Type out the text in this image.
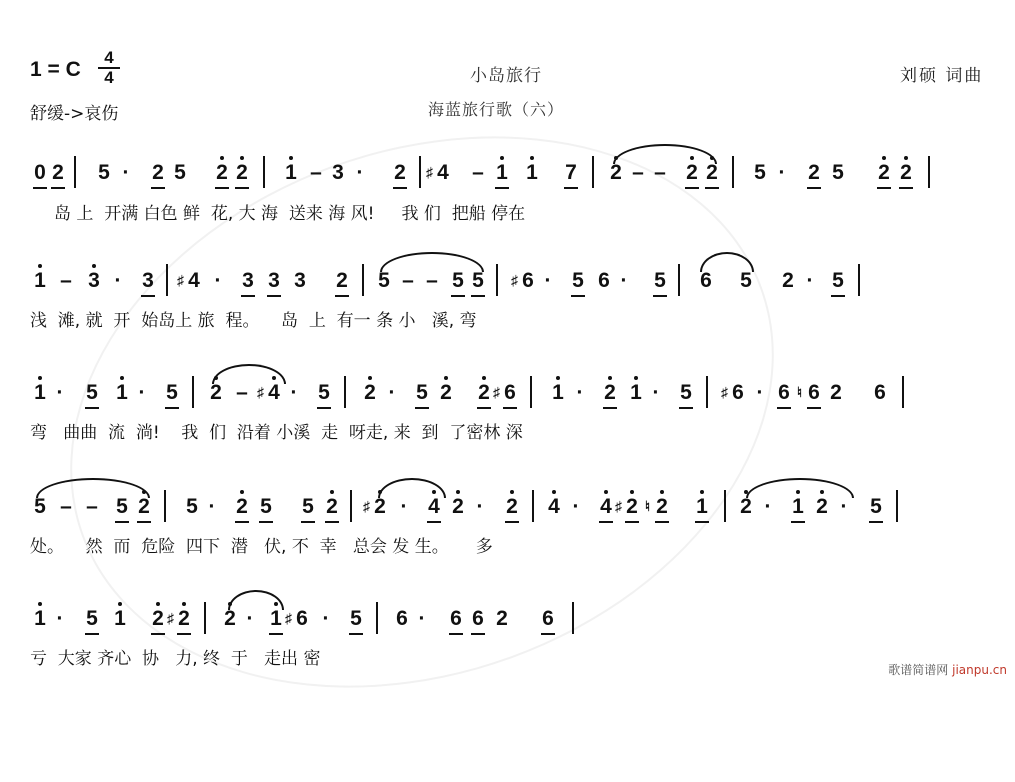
1 = C
4
4
舒缓->哀伤
小岛旅行
海蓝旅行歌（六）
刘硕 词曲
0 2 5 · 2 5 2 2 1 – 3 · 2 ♯ 4 – 1 1 7 2 – – 2 2 5 · 2 5 2 2
岛 上  开满 白色 鲜  花, 大 海  送来 海 风!     我 们  把船 停在
1 – 3 · 3 ♯ 4 · 3 3 3 2 5 – – 5 5 ♯ 6 · 5 6 · 5 6 5 2 · 5
浅  滩, 就  开  始岛上 旅  程。    岛  上  有一 条 小   溪, 弯
1 · 5 1 · 5 2 – ♯ 4 · 5 2 · 5 2 2 ♯ 6 1 · 2 1 · 5 ♯ 6 · 6 ♮ 6 2 6
弯   曲曲  流  淌!    我  们  沿着 小溪  走  呀走, 来  到  了密林 深
5 – – 5 2 5 · 2 5 5 2 ♯ 2 · 4 2 · 2 4 · 4 ♯ 2 ♮ 2 1 2 · 1 2 · 5
处。    然  而  危险  四下  潜   伏, 不  幸   总会 发 生。     多
1 · 5 1 2 ♯ 2 2 · 1 ♯ 6 · 5 6 · 6 6 2 6
亏  大家 齐心  协   力, 终  于   走出 密
歌谱简谱网 jianpu.cn
